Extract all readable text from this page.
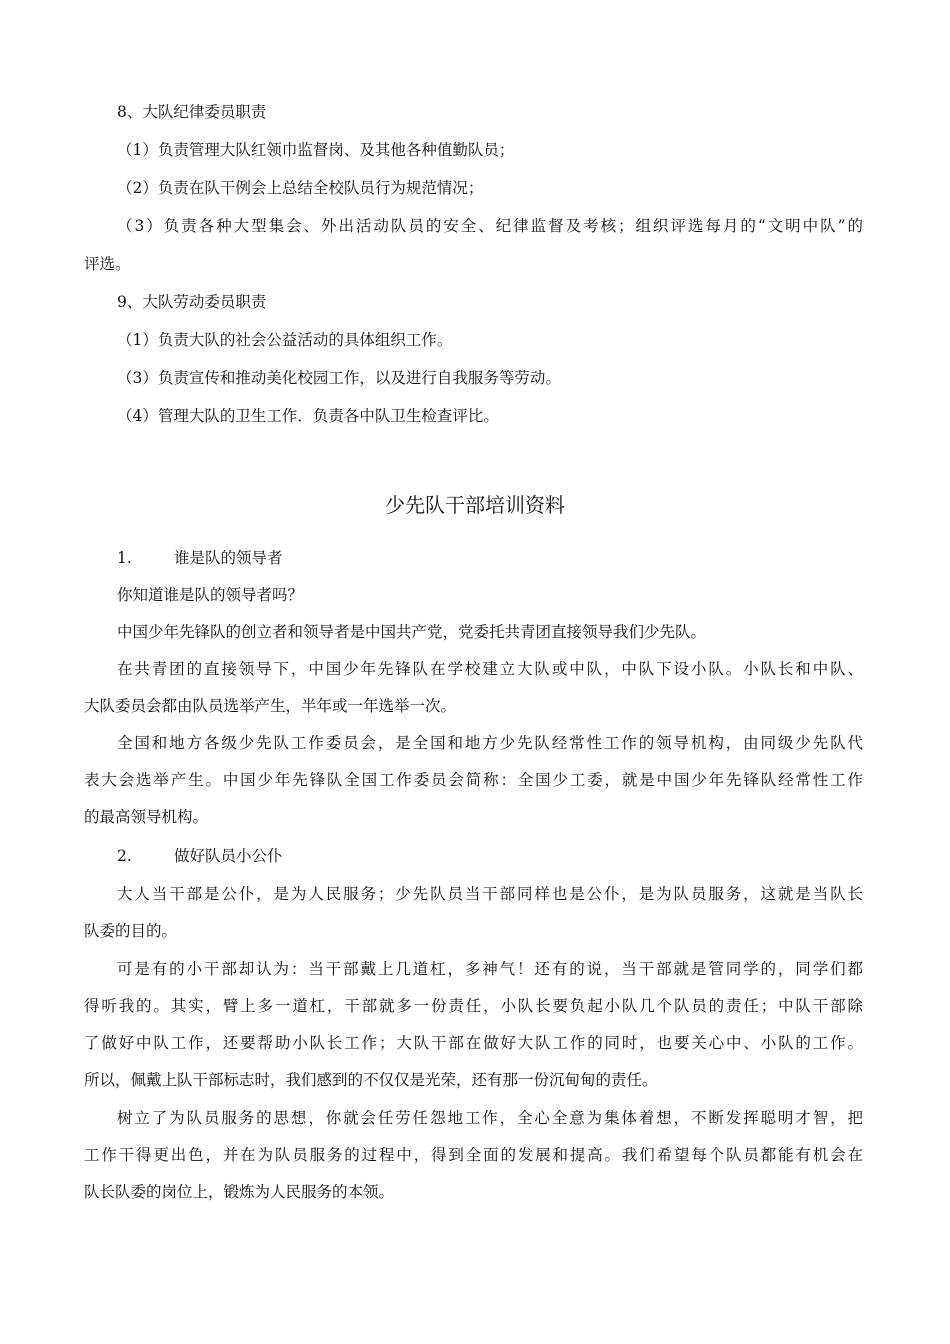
8、大队纪律委员职责

（1）负责管理大队红领巾监督岗、及其他各种值勤队员；

（2）负责在队干例会上总结全校队员行为规范情况；

（3）负责各种大型集会、外出活动队员的安全、纪律监督及考核；组织评选每月的“文明中队”的

评选。

9、大队劳动委员职责

（1）负责大队的社会公益活动的具体组织工作。

（3）负责宣传和推动美化校园工作，以及进行自我服务等劳动。

（4）管理大队的卫生工作．负责各中队卫生检查评比。

少先队干部培训资料

1.	谁是队的领导者

你知道谁是队的领导者吗？

中国少年先锋队的创立者和领导者是中国共产党，党委托共青团直接领导我们少先队。

在共青团的直接领导下，中国少年先锋队在学校建立大队或中队，中队下设小队。小队长和中队、

大队委员会都由队员选举产生，半年或一年选举一次。

全国和地方各级少先队工作委员会，是全国和地方少先队经常性工作的领导机构，由同级少先队代

表大会选举产生。中国少年先锋队全国工作委员会简称：全国少工委，就是中国少年先锋队经常性工作

的最高领导机构。

2.	做好队员小公仆

大人当干部是公仆，是为人民服务；少先队员当干部同样也是公仆，是为队员服务，这就是当队长

队委的目的。

可是有的小干部却认为：当干部戴上几道杠，多神气！还有的说，当干部就是管同学的，同学们都

得听我的。其实，臂上多一道杠，干部就多一份责任，小队长要负起小队几个队员的责任；中队干部除

了做好中队工作，还要帮助小队长工作；大队干部在做好大队工作的同时，也要关心中、小队的工作。

所以，佩戴上队干部标志时，我们感到的不仅仅是光荣，还有那一份沉甸甸的责任。

树立了为队员服务的思想，你就会任劳任怨地工作，全心全意为集体着想，不断发挥聪明才智，把

工作干得更出色，并在为队员服务的过程中，得到全面的发展和提高。我们希望每个队员都能有机会在

队长队委的岗位上，锻炼为人民服务的本领。
